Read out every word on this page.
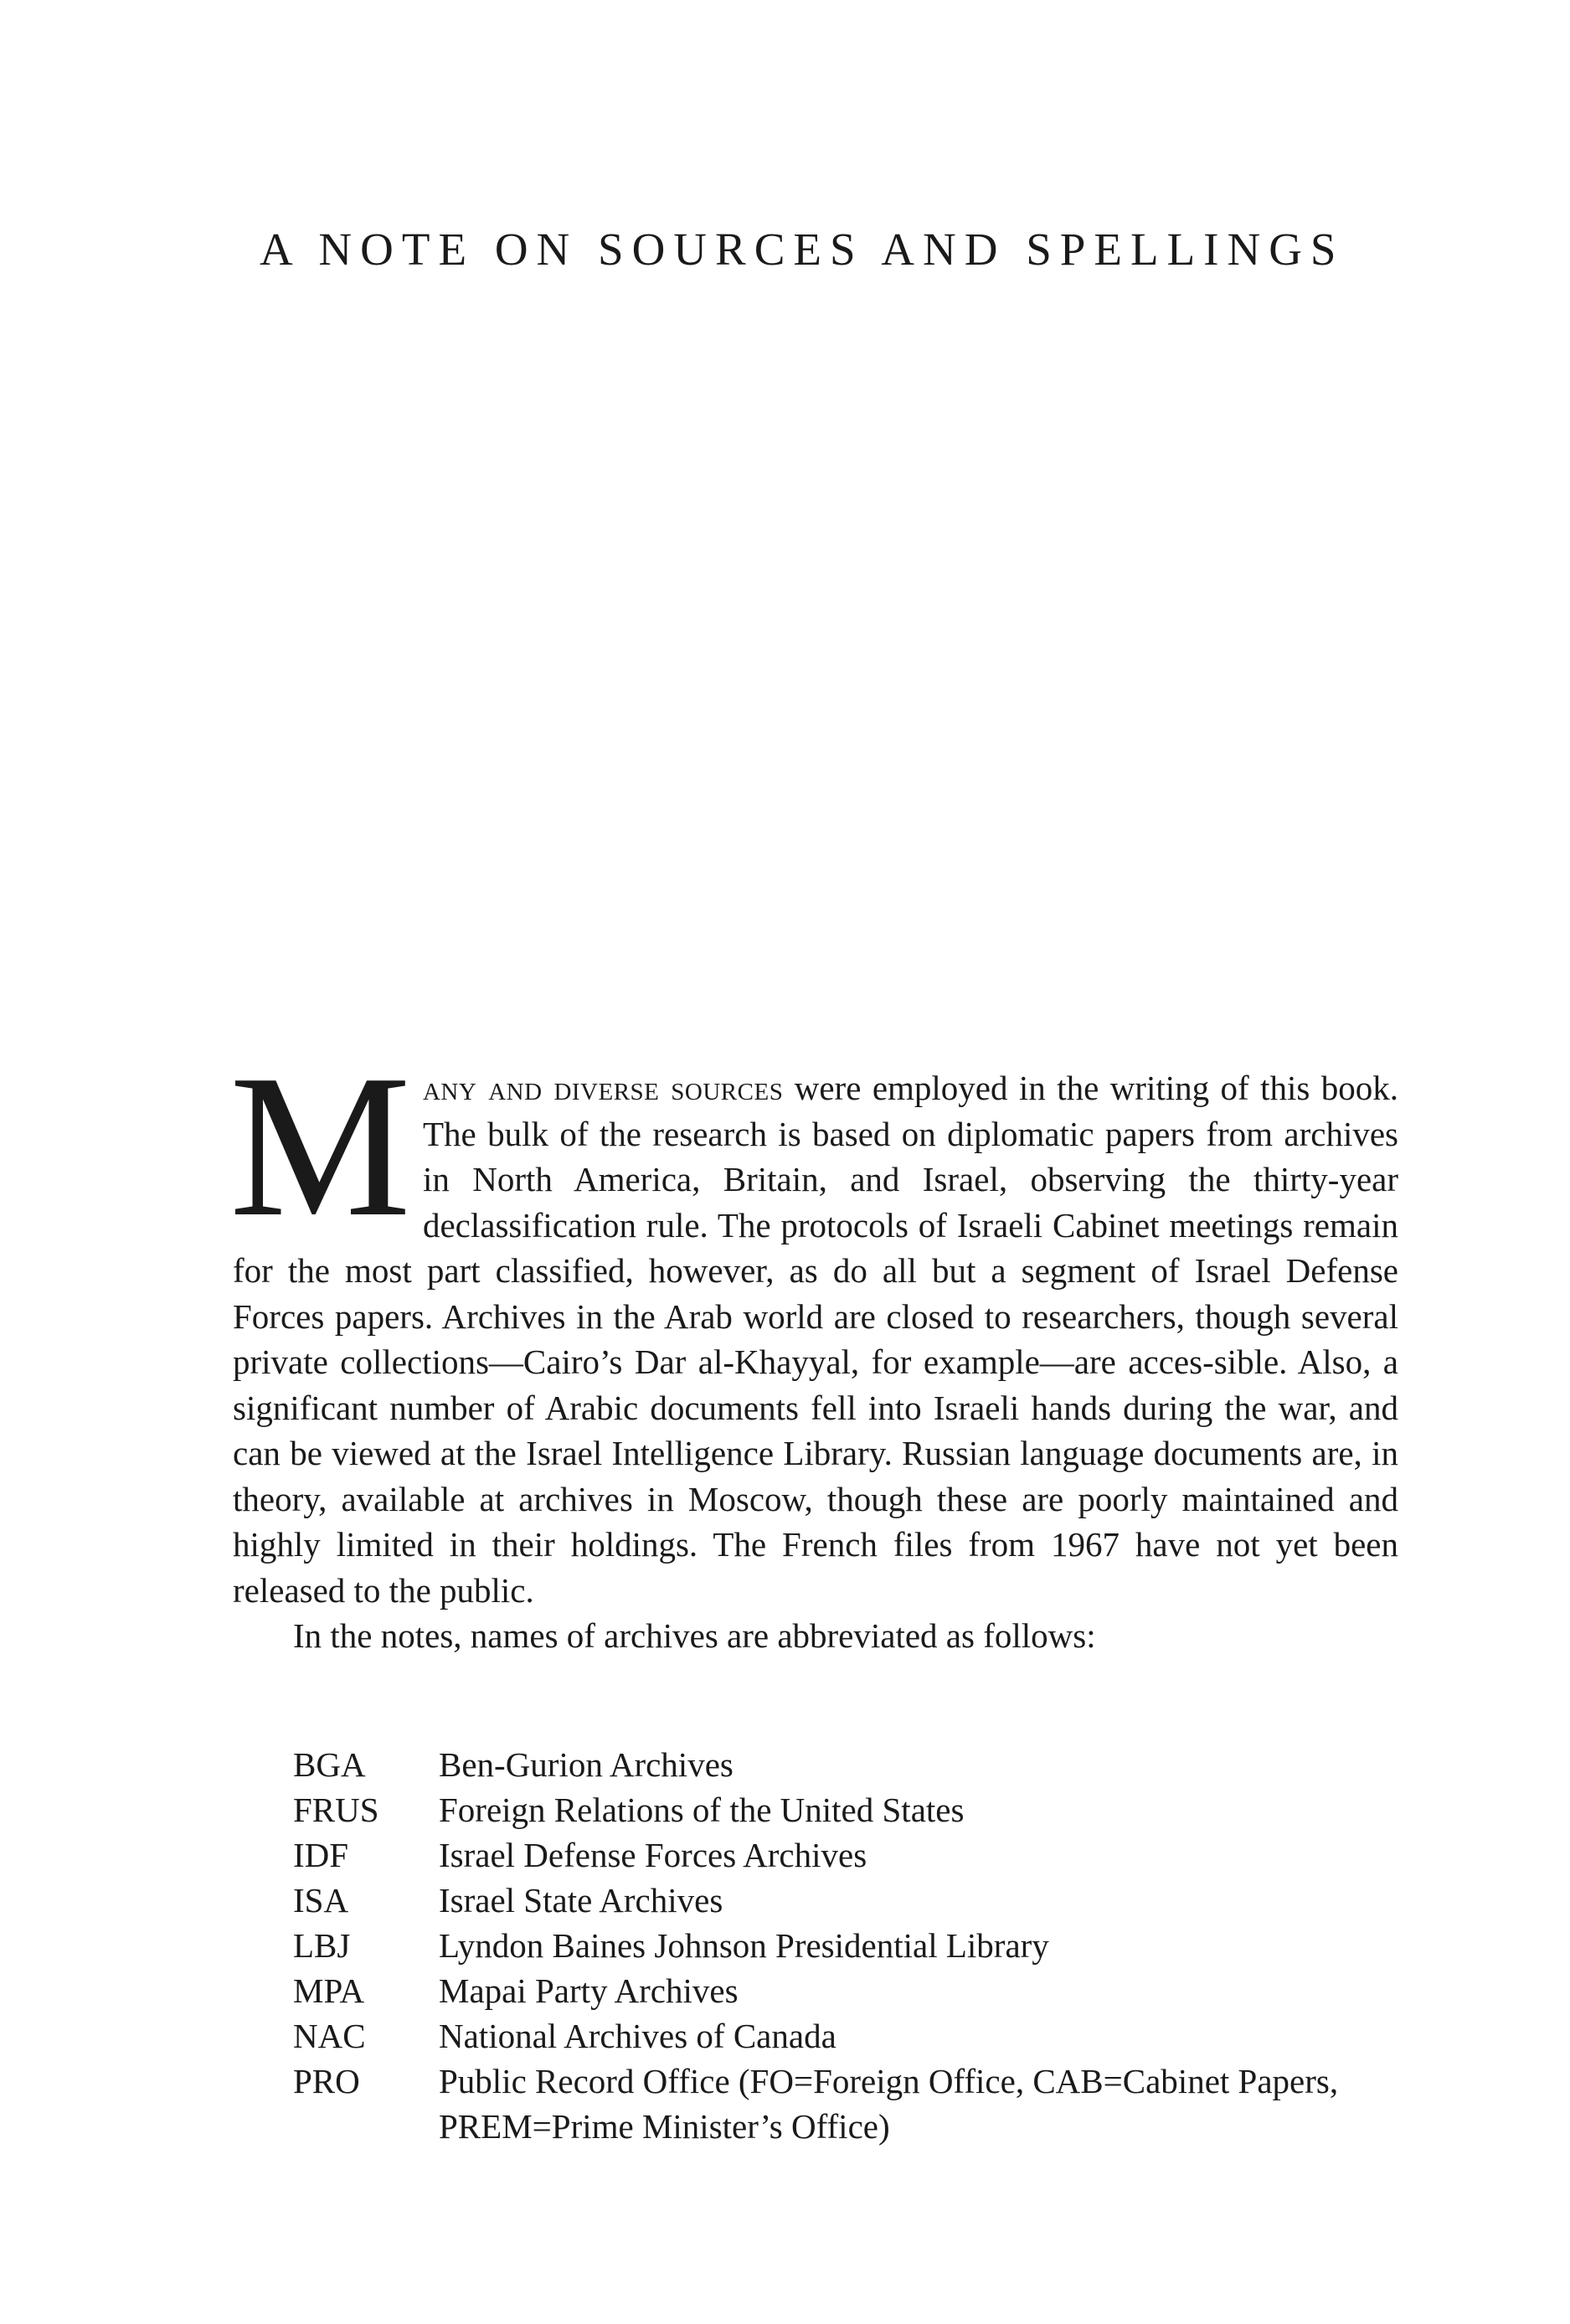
A NOTE ON SOURCES AND SPELLINGS

Many and diverse sources were employed in the writing of this book. The bulk of the research is based on diplomatic papers from archives in North America, Britain, and Israel, observing the thirty-year declassification rule. The protocols of Israeli Cabinet meetings remain for the most part classified, however, as do all but a segment of Israel Defense Forces papers. Archives in the Arab world are closed to researchers, though several private collections—Cairo’s Dar al-Khayyal, for example—are acces-sible. Also, a significant number of Arabic documents fell into Israeli hands during the war, and can be viewed at the Israel Intelligence Library. Russian language documents are, in theory, available at archives in Moscow, though these are poorly maintained and highly limited in their holdings. The French files from 1967 have not yet been released to the public.

In the notes, names of archives are abbreviated as follows:

BGA	Ben-Gurion Archives
FRUS	Foreign Relations of the United States
IDF	Israel Defense Forces Archives
ISA	Israel State Archives
LBJ	Lyndon Baines Johnson Presidential Library
MPA	Mapai Party Archives
NAC	National Archives of Canada
PRO	Public Record Office (FO=Foreign Office, CAB=Cabinet Papers, PREM=Prime Minister’s Office)
